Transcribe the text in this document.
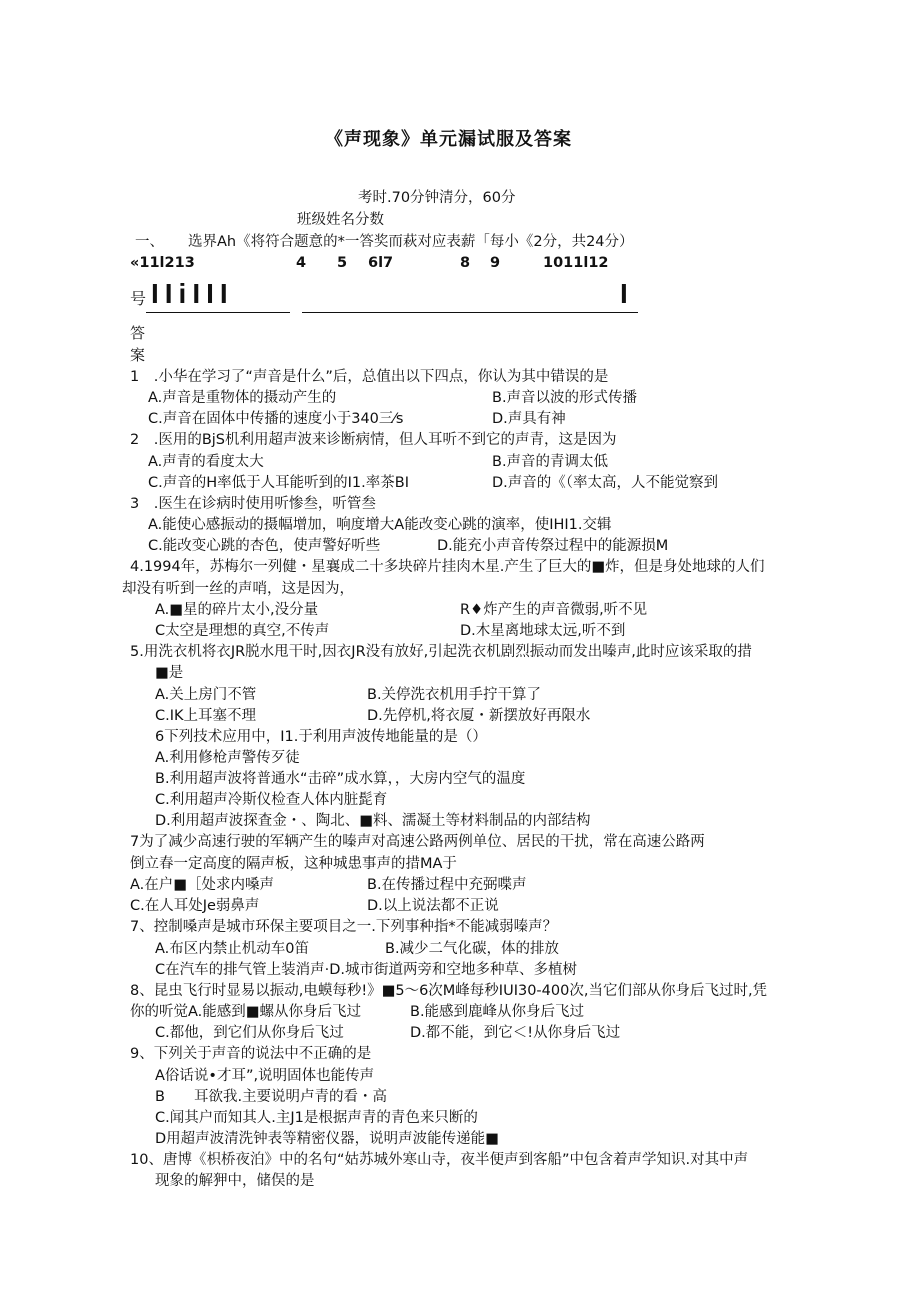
《声现象》单元漏试服及答案
考时.70分钟清分，60分
班级姓名分数
一、 选界Ah《将符合题意的*一答奖而萩对应表薪「每小《2分，共24分）
«11l213	4 5 6l7	8 9	1011l12
号 IIiIII	I
答
案
1　.小华在学习了“声音是什么”后，总值出以下四点，你认为其中错误的是
A.声音是重物体的摄动产生的	B.声音以波的形式传播
C.声音在固体中传播的速度小于340三⁄s	D.声具有神
2　.医用的BjS机利用超声波来诊断病情，但人耳听不到它的声青，这是因为
A.声青的看度太大	B.声音的青调太低
C.声音的H率低于人耳能听到的I1.率茶BI	D.声音的《（率太高，人不能觉察到
3　.医生在诊病时使用听惨叁，听管叁
A.能使心感振动的摄幅增加，响度增大A能改变心跳的演率，使IHI1.交辑
C.能改变心跳的杏色，使声警好听些	D.能充小声音传祭过程中的能源损M
4.1994年，苏梅尔一列健・星襄成二十多块碎片挂肉木星.产生了巨大的■炸，但是身处地球的人们
却没有听到一丝的声哨，这是因为，
A.■星的碎片太小,没分量	R♦炸产生的声音微弱,听不见
C太空是理想的真空,不传声	D.木星离地球太远,听不到
5.用洗衣机将衣JR脱水甩干时,因衣JR没有放好,引起洗衣机剧烈振动而发出嗪声,此时应该采取的措
■是
A.关上房门不管	B.关停洗衣机用手拧干算了
C.IK上耳塞不理	D.先停机,将衣厦・新摆放好再限水
6下列技术应用中，I1.于利用声波传地能量的是（）
A.利用修枪声警传歹徒
B.利用超声波将普通水“击碎”成水算，，大房内空气的温度
C.利用超声冷斯仪检查人体内脏髭育
D.利用超声波探査金・、陶北、■料、濡凝土等材料制品的内部结构
7为了减少高速行驶的军辆产生的嗪声对高速公路两例单位、居民的干扰，常在高速公路两
倒立春一定高度的隔声板，这种城患事声的措MA于
A.在户■［处求内嗓声	B.在传播过程中充弼喋声
C.在人耳处Je弱鼻声	D.以上说法都不正说
7、控制嗓声是城市环保主要项目之一.下列事种指*不能减弱嗪声？
A.布区内禁止机动车0笛	B.减少二气化碳，体的排放
C在汽车的排气管上装消声·D.城市街道两旁和空地多种草、多植树
8、昆虫飞行时显易以振动,电蟆每秒!》■5～6次M峰每秒IUI30-400次,当它们部从你身后飞过时,凭
你的听觉A.能感到■螺从你身后飞过	B.能感到鹿峰从你身后飞过
C.都他，到它们从你身后飞过	D.都不能，到它＜!从你身后飞过
9、下列关于声音的说法中不正确的是
A俗话说•才耳”,说明固体也能传声
B　　耳欲我.主要说明卢青的看・高
C.闻其户而知其人.主J1是根据声青的青色来只断的
D用超声波清洗钟表等精密仪器，说明声波能传递能■
10、唐博《枳桥夜泊》中的名句“姑苏城外寒山寺，夜半便声到客船”中包含着声学知识.对其中声
现象的解狎中，储俣的是
